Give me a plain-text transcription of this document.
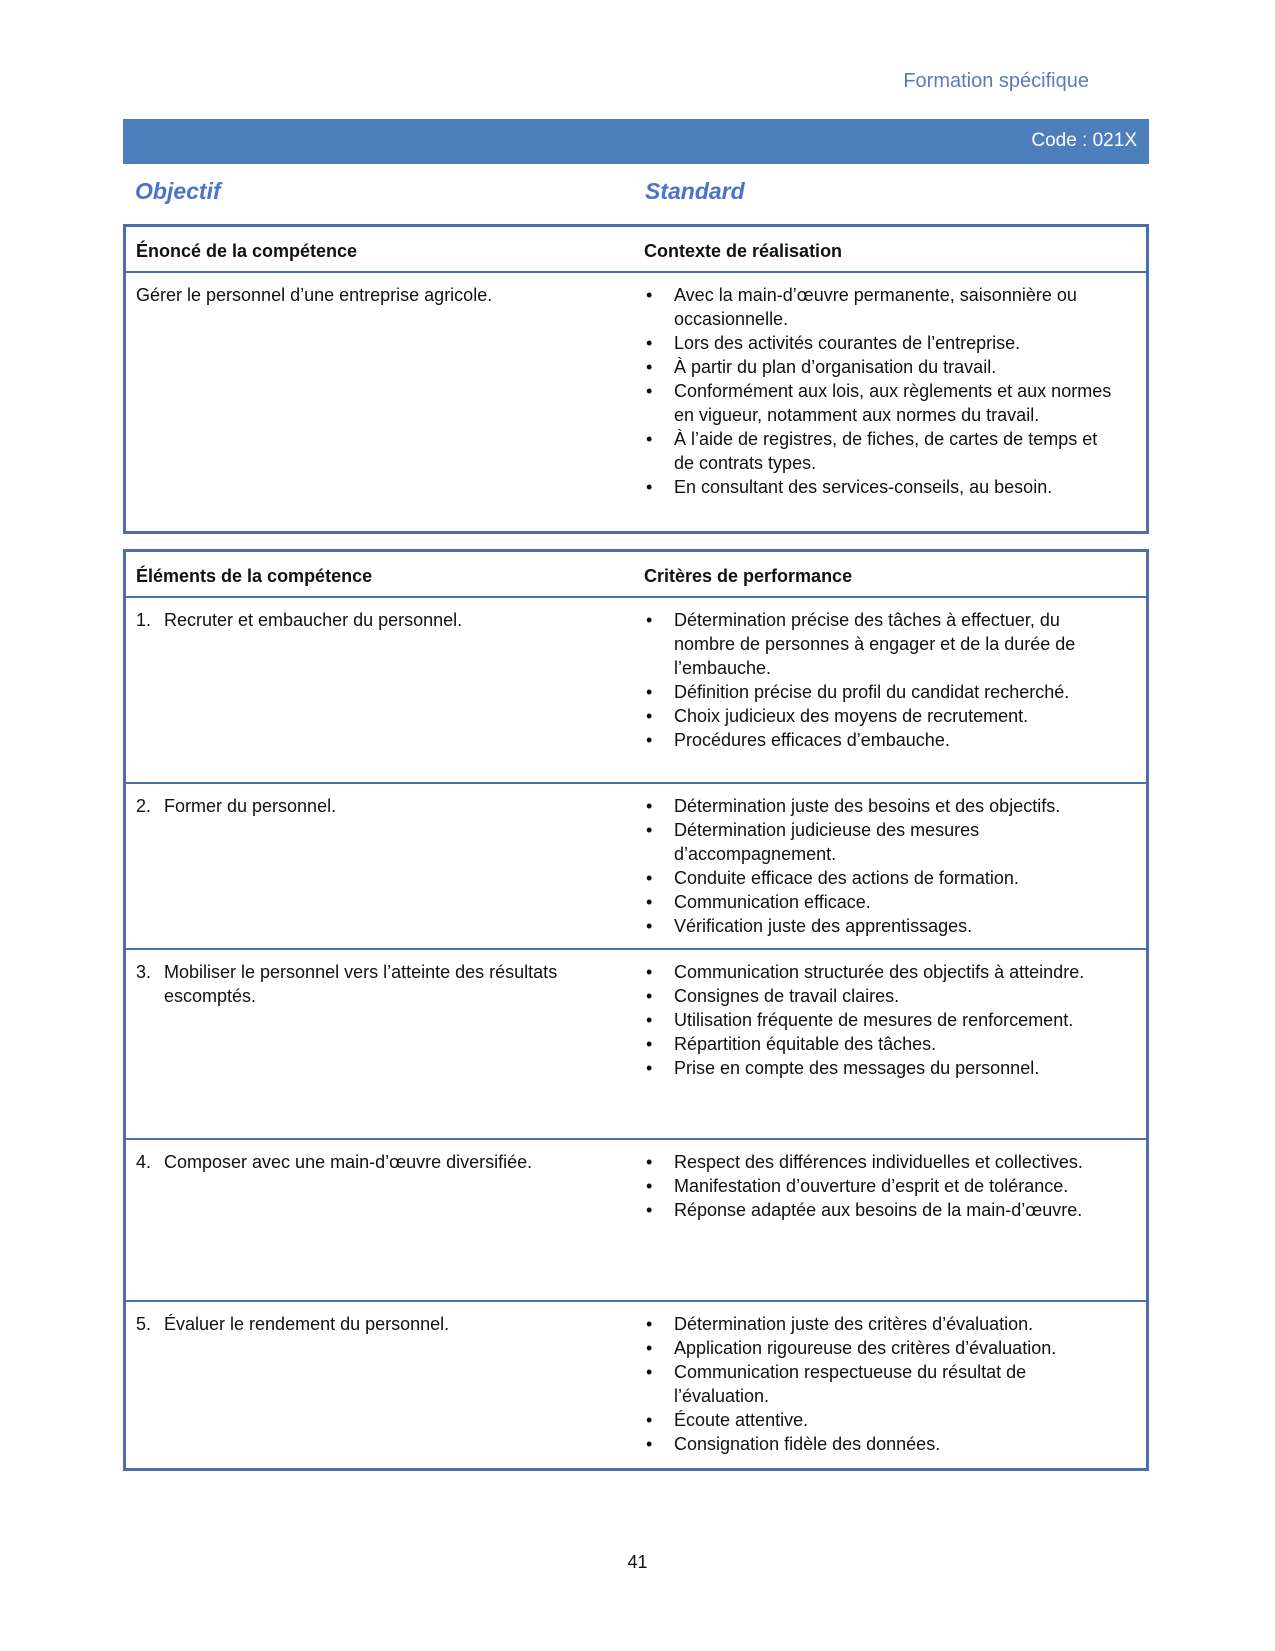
Formation spécifique
Code : 021X
Objectif	Standard
Énoncé de la compétence	Contexte de réalisation
Gérer le personnel d’une entreprise agricole.	• Avec la main-d’œuvre permanente, saisonnière ou occasionnelle.
• Lors des activités courantes de l’entreprise.
• À partir du plan d’organisation du travail.
• Conformément aux lois, aux règlements et aux normes en vigueur, notamment aux normes du travail.
• À l’aide de registres, de fiches, de cartes de temps et de contrats types.
• En consultant des services-conseils, au besoin.
Éléments de la compétence	Critères de performance
1. Recruter et embaucher du personnel.	• Détermination précise des tâches à effectuer, du nombre de personnes à engager et de la durée de l’embauche.
• Définition précise du profil du candidat recherché.
• Choix judicieux des moyens de recrutement.
• Procédures efficaces d’embauche.
2. Former du personnel.	• Détermination juste des besoins et des objectifs.
• Détermination judicieuse des mesures d’accompagnement.
• Conduite efficace des actions de formation.
• Communication efficace.
• Vérification juste des apprentissages.
3. Mobiliser le personnel vers l’atteinte des résultats escomptés.
• Communication structurée des objectifs à atteindre.
• Consignes de travail claires.
• Utilisation fréquente de mesures de renforcement.
• Répartition équitable des tâches.
• Prise en compte des messages du personnel.
4. Composer avec une main-d’œuvre diversifiée.	• Respect des différences individuelles et collectives.
• Manifestation d’ouverture d’esprit et de tolérance.
• Réponse adaptée aux besoins de la main-d’œuvre.
5. Évaluer le rendement du personnel.	• Détermination juste des critères d’évaluation.
• Application rigoureuse des critères d’évaluation.
• Communication respectueuse du résultat de l’évaluation.
• Écoute attentive.
• Consignation fidèle des données.
41
